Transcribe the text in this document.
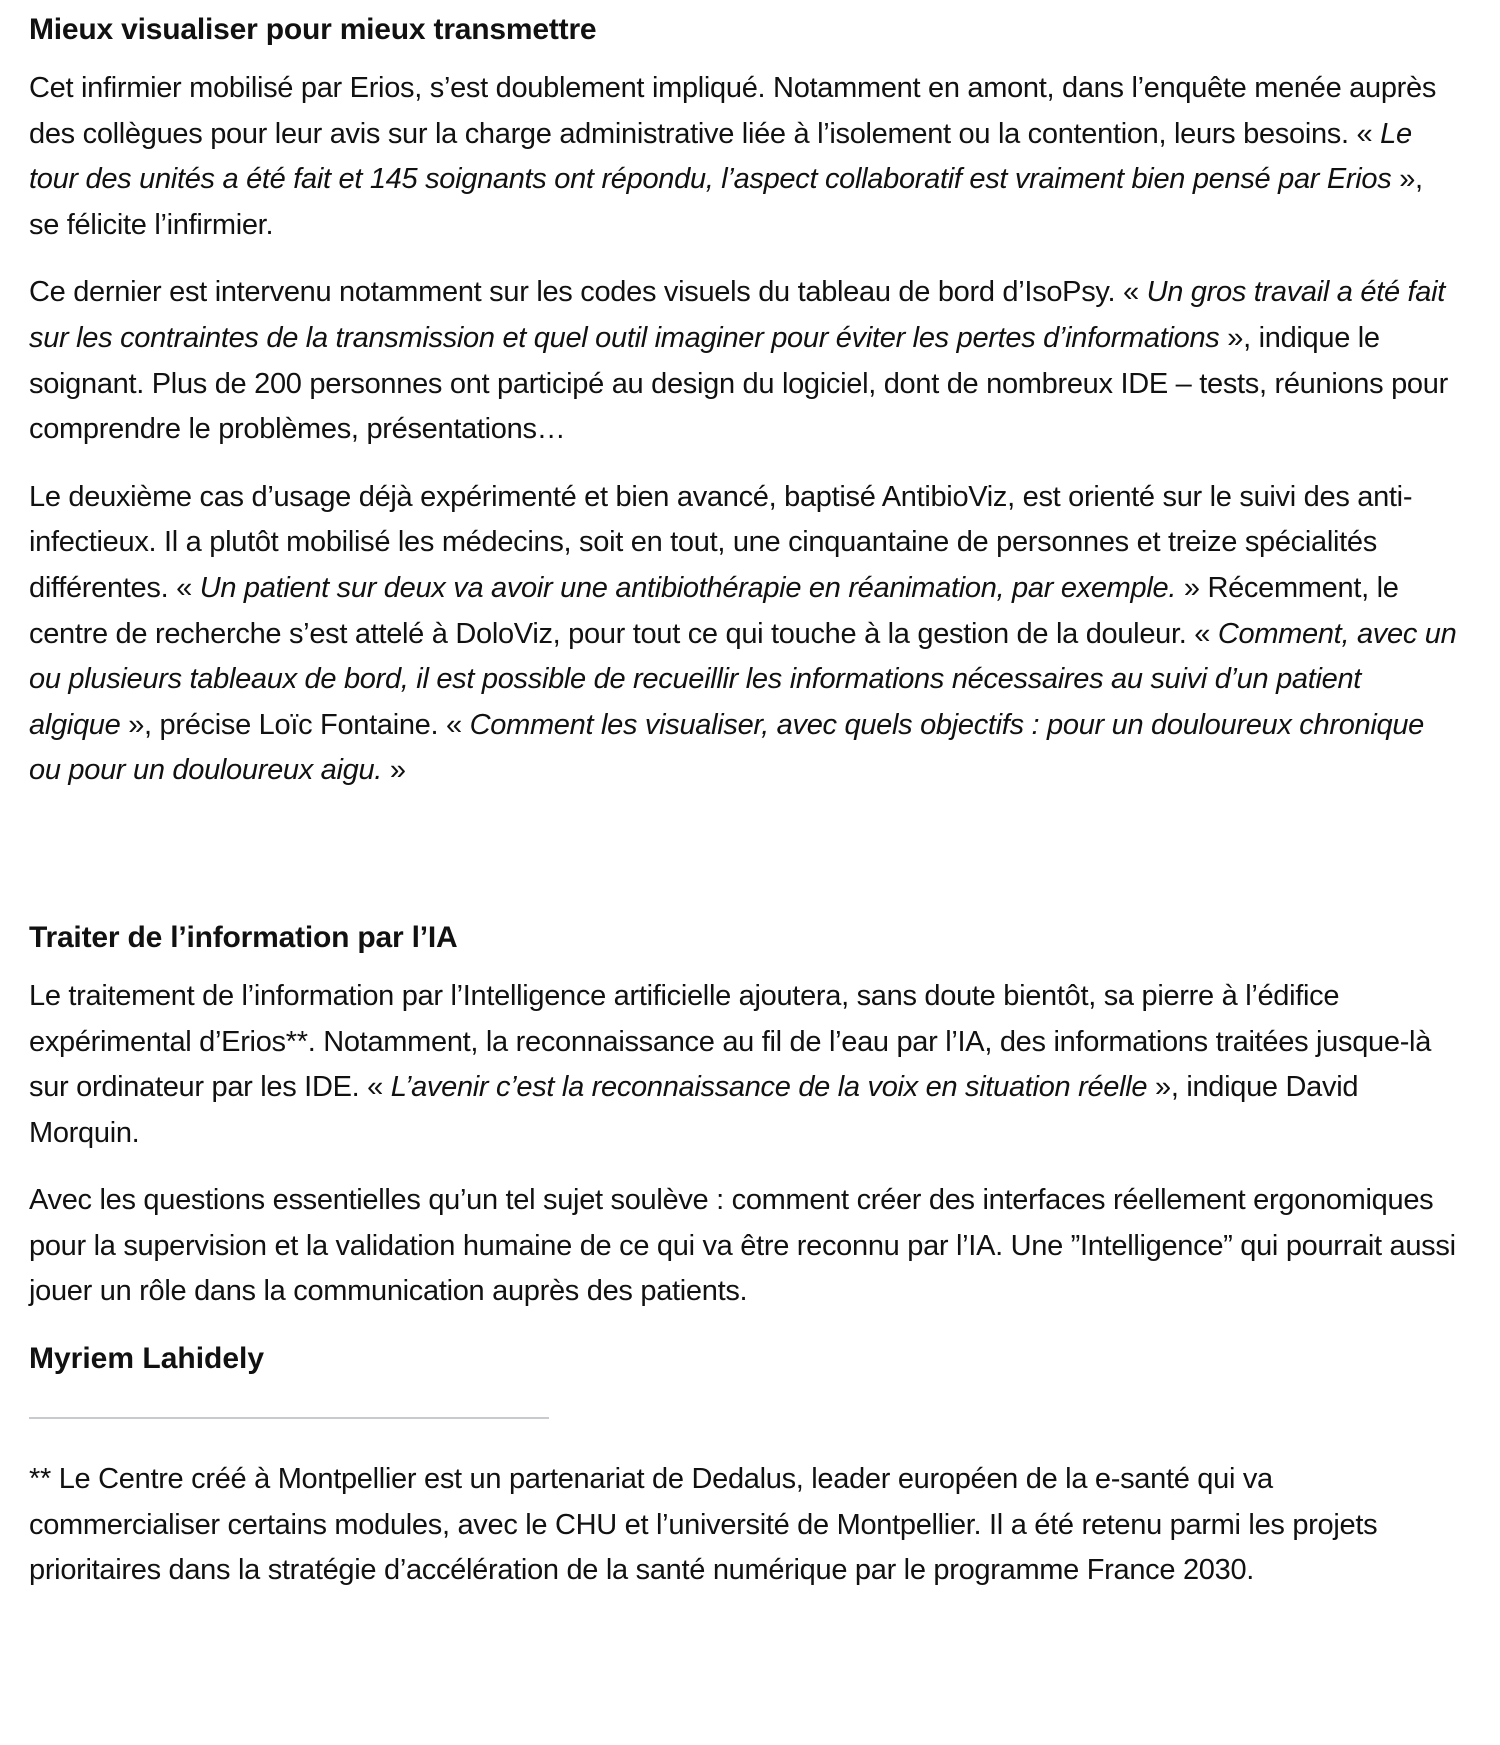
Mieux visualiser pour mieux transmettre

Cet infirmier mobilisé par Erios, s’est doublement impliqué. Notamment en amont, dans l’enquête menée auprès des collègues pour leur avis sur la charge administrative liée à l’isolement ou la contention, leurs besoins. « Le tour des unités a été fait et 145 soignants ont répondu, l’aspect collaboratif est vraiment bien pensé par Erios », se félicite l’infirmier.

Ce dernier est intervenu notamment sur les codes visuels du tableau de bord d’IsoPsy. « Un gros travail a été fait sur les contraintes de la transmission et quel outil imaginer pour éviter les pertes d’informations », indique le soignant. Plus de 200 personnes ont participé au design du logiciel, dont de nombreux IDE – tests, réunions pour comprendre le problèmes, présentations…

Le deuxième cas d’usage déjà expérimenté et bien avancé, baptisé AntibioViz, est orienté sur le suivi des anti-infectieux. Il a plutôt mobilisé les médecins, soit en tout, une cinquantaine de personnes et treize spécialités différentes. « Un patient sur deux va avoir une antibiothérapie en réanimation, par exemple. » Récemment, le centre de recherche s’est attelé à DoloViz, pour tout ce qui touche à la gestion de la douleur. « Comment, avec un ou plusieurs tableaux de bord, il est possible de recueillir les informations nécessaires au suivi d’un patient algique », précise Loïc Fontaine. « Comment les visualiser, avec quels objectifs : pour un douloureux chronique ou pour un douloureux aigu. »

Traiter de l’information par l’IA

Le traitement de l’information par l’Intelligence artificielle ajoutera, sans doute bientôt, sa pierre à l’édifice expérimental d’Erios**. Notamment, la reconnaissance au fil de l’eau par l’IA, des informations traitées jusque-là sur ordinateur par les IDE. « L’avenir c’est la reconnaissance de la voix en situation réelle », indique David Morquin.

Avec les questions essentielles qu’un tel sujet soulève : comment créer des interfaces réellement ergonomiques pour la supervision et la validation humaine de ce qui va être reconnu par l’IA. Une ”Intelligence” qui pourrait aussi jouer un rôle dans la communication auprès des patients.

Myriem Lahidely

** Le Centre créé à Montpellier est un partenariat de Dedalus, leader européen de la e-santé qui va commercialiser certains modules, avec le CHU et l’université de Montpellier. Il a été retenu parmi les projets prioritaires dans la stratégie d’accélération de la santé numérique par le programme France 2030.
